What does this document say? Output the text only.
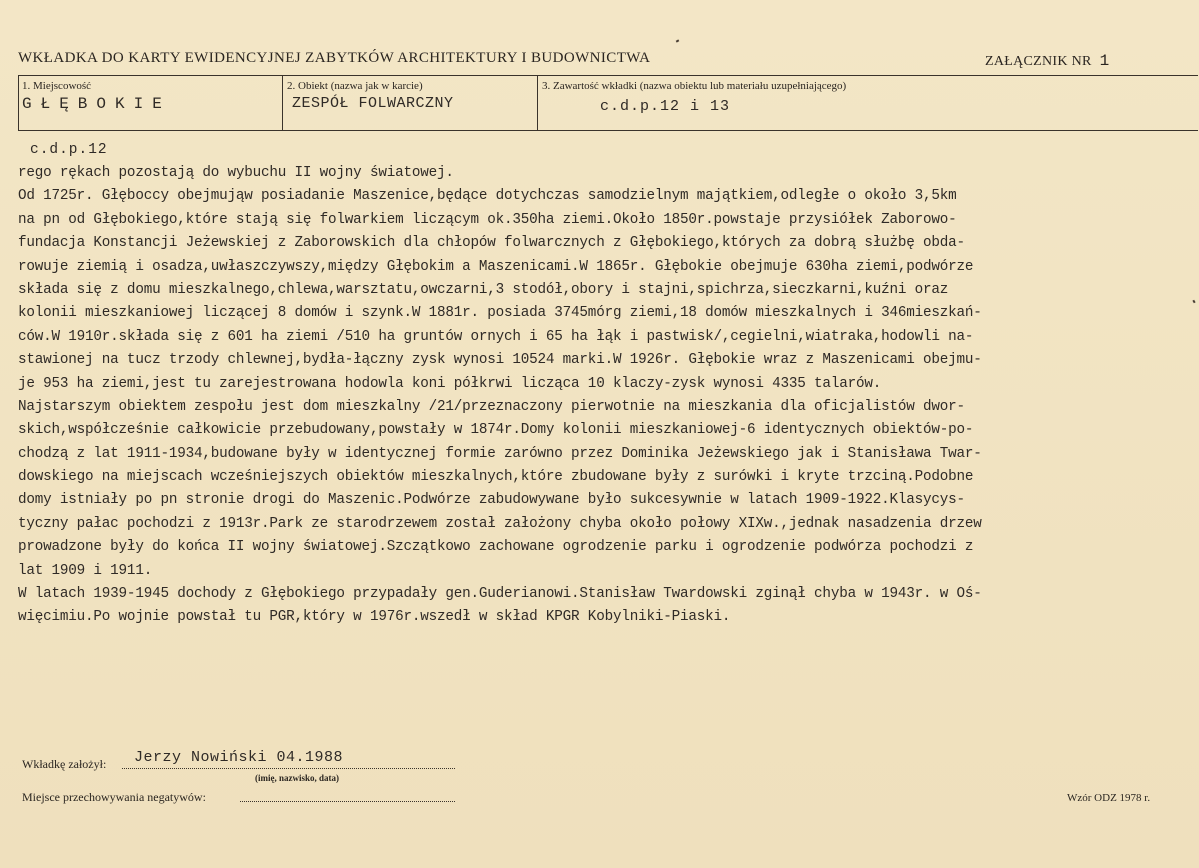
WKŁADKA DO KARTY EWIDENCYJNEJ ZABYTKÓW ARCHITEKTURY I BUDOWNICTWA	ZAŁĄCZNIK NR 1
1. Miejscowość	2. Obiekt (nazwa jak w karcie)	3. Zawartość wkładki (nazwa obiektu lub materiału uzupełniającego)
GŁĘBOKIE	ZESPÓŁ FOLWARCZNY	c.d.p.12 i 13
c.d.p.12
rego rękach pozostają do wybuchu II wojny światowej.
Od 1725r. Głęboccy obejmująw posiadanie Maszenice,będące dotychczas samodzielnym majątkiem,odległe o około 3,5km
na pn od Głębokiego,które stają się folwarkiem liczącym ok.350ha ziemi.Około 1850r.powstaje przysiółek Zaborowo-
fundacja Konstancji Jeżewskiej z Zaborowskich dla chłopów folwarcznych z Głębokiego,których za dobrą służbę obda-
rowuje ziemią i osadza,uwłaszczywszy,między Głębokim a Maszenicami.W 1865r. Głębokie obejmuje 630ha ziemi,podwórze
składa się z domu mieszkalnego,chlewa,warsztatu,owczarni,3 stodół,obory i stajni,spichrza,sieczkarni,kuźni oraz
kolonii mieszkaniowej liczącej 8 domów i szynk.W 1881r. posiada 3745mórg ziemi,18 domów mieszkalnych i 346mieszkań-
ców.W 1910r.składa się z 601 ha ziemi /510 ha gruntów ornych i 65 ha łąk i pastwisk/,cegielni,wiatraka,hodowli na-
stawionej na tucz trzody chlewnej,bydła-łączny zysk wynosi 10524 marki.W 1926r. Głębokie wraz z Maszenicami obejmu-
je 953 ha ziemi,jest tu zarejestrowana hodowla koni półkrwi licząca 10 klaczy-zysk wynosi 4335 talarów.
Najstarszym obiektem zespołu jest dom mieszkalny /21/przeznaczony pierwotnie na mieszkania dla oficjalistów dwor-
skich,współcześnie całkowicie przebudowany,powstały w 1874r.Domy kolonii mieszkaniowej-6 identycznych obiektów-po-
chodzą z lat 1911-1934,budowane były w identycznej formie zarówno przez Dominika Jeżewskiego jak i Stanisława Twar-
dowskiego na miejscach wcześniejszych obiektów mieszkalnych,które zbudowane były z surówki i kryte trzciną.Podobne
domy istniały po pn stronie drogi do Maszenic.Podwórze zabudowywane było sukcesywnie w latach 1909-1922.Klasycys-
tyczny pałac pochodzi z 1913r.Park ze starodrzewem został założony chyba około połowy XIXw.,jednak nasadzenia drzew
prowadzone były do końca II wojny światowej.Szczątkowo zachowane ogrodzenie parku i ogrodzenie podwórza pochodzi z
lat 1909 i 1911.
W latach 1939-1945 dochody z Głębokiego przypadały gen.Guderianowi.Stanisław Twardowski zginął chyba w 1943r. w Oś-
więcimiu.Po wojnie powstał tu PGR,który w 1976r.wszedł w skład KPGR Kobylniki-Piaski.
Wkładkę założył: Jerzy Nowiński 04.1988
(imię, nazwisko, data)
Miejsce przechowywania negatywów:	Wzór ODZ 1978 r.
